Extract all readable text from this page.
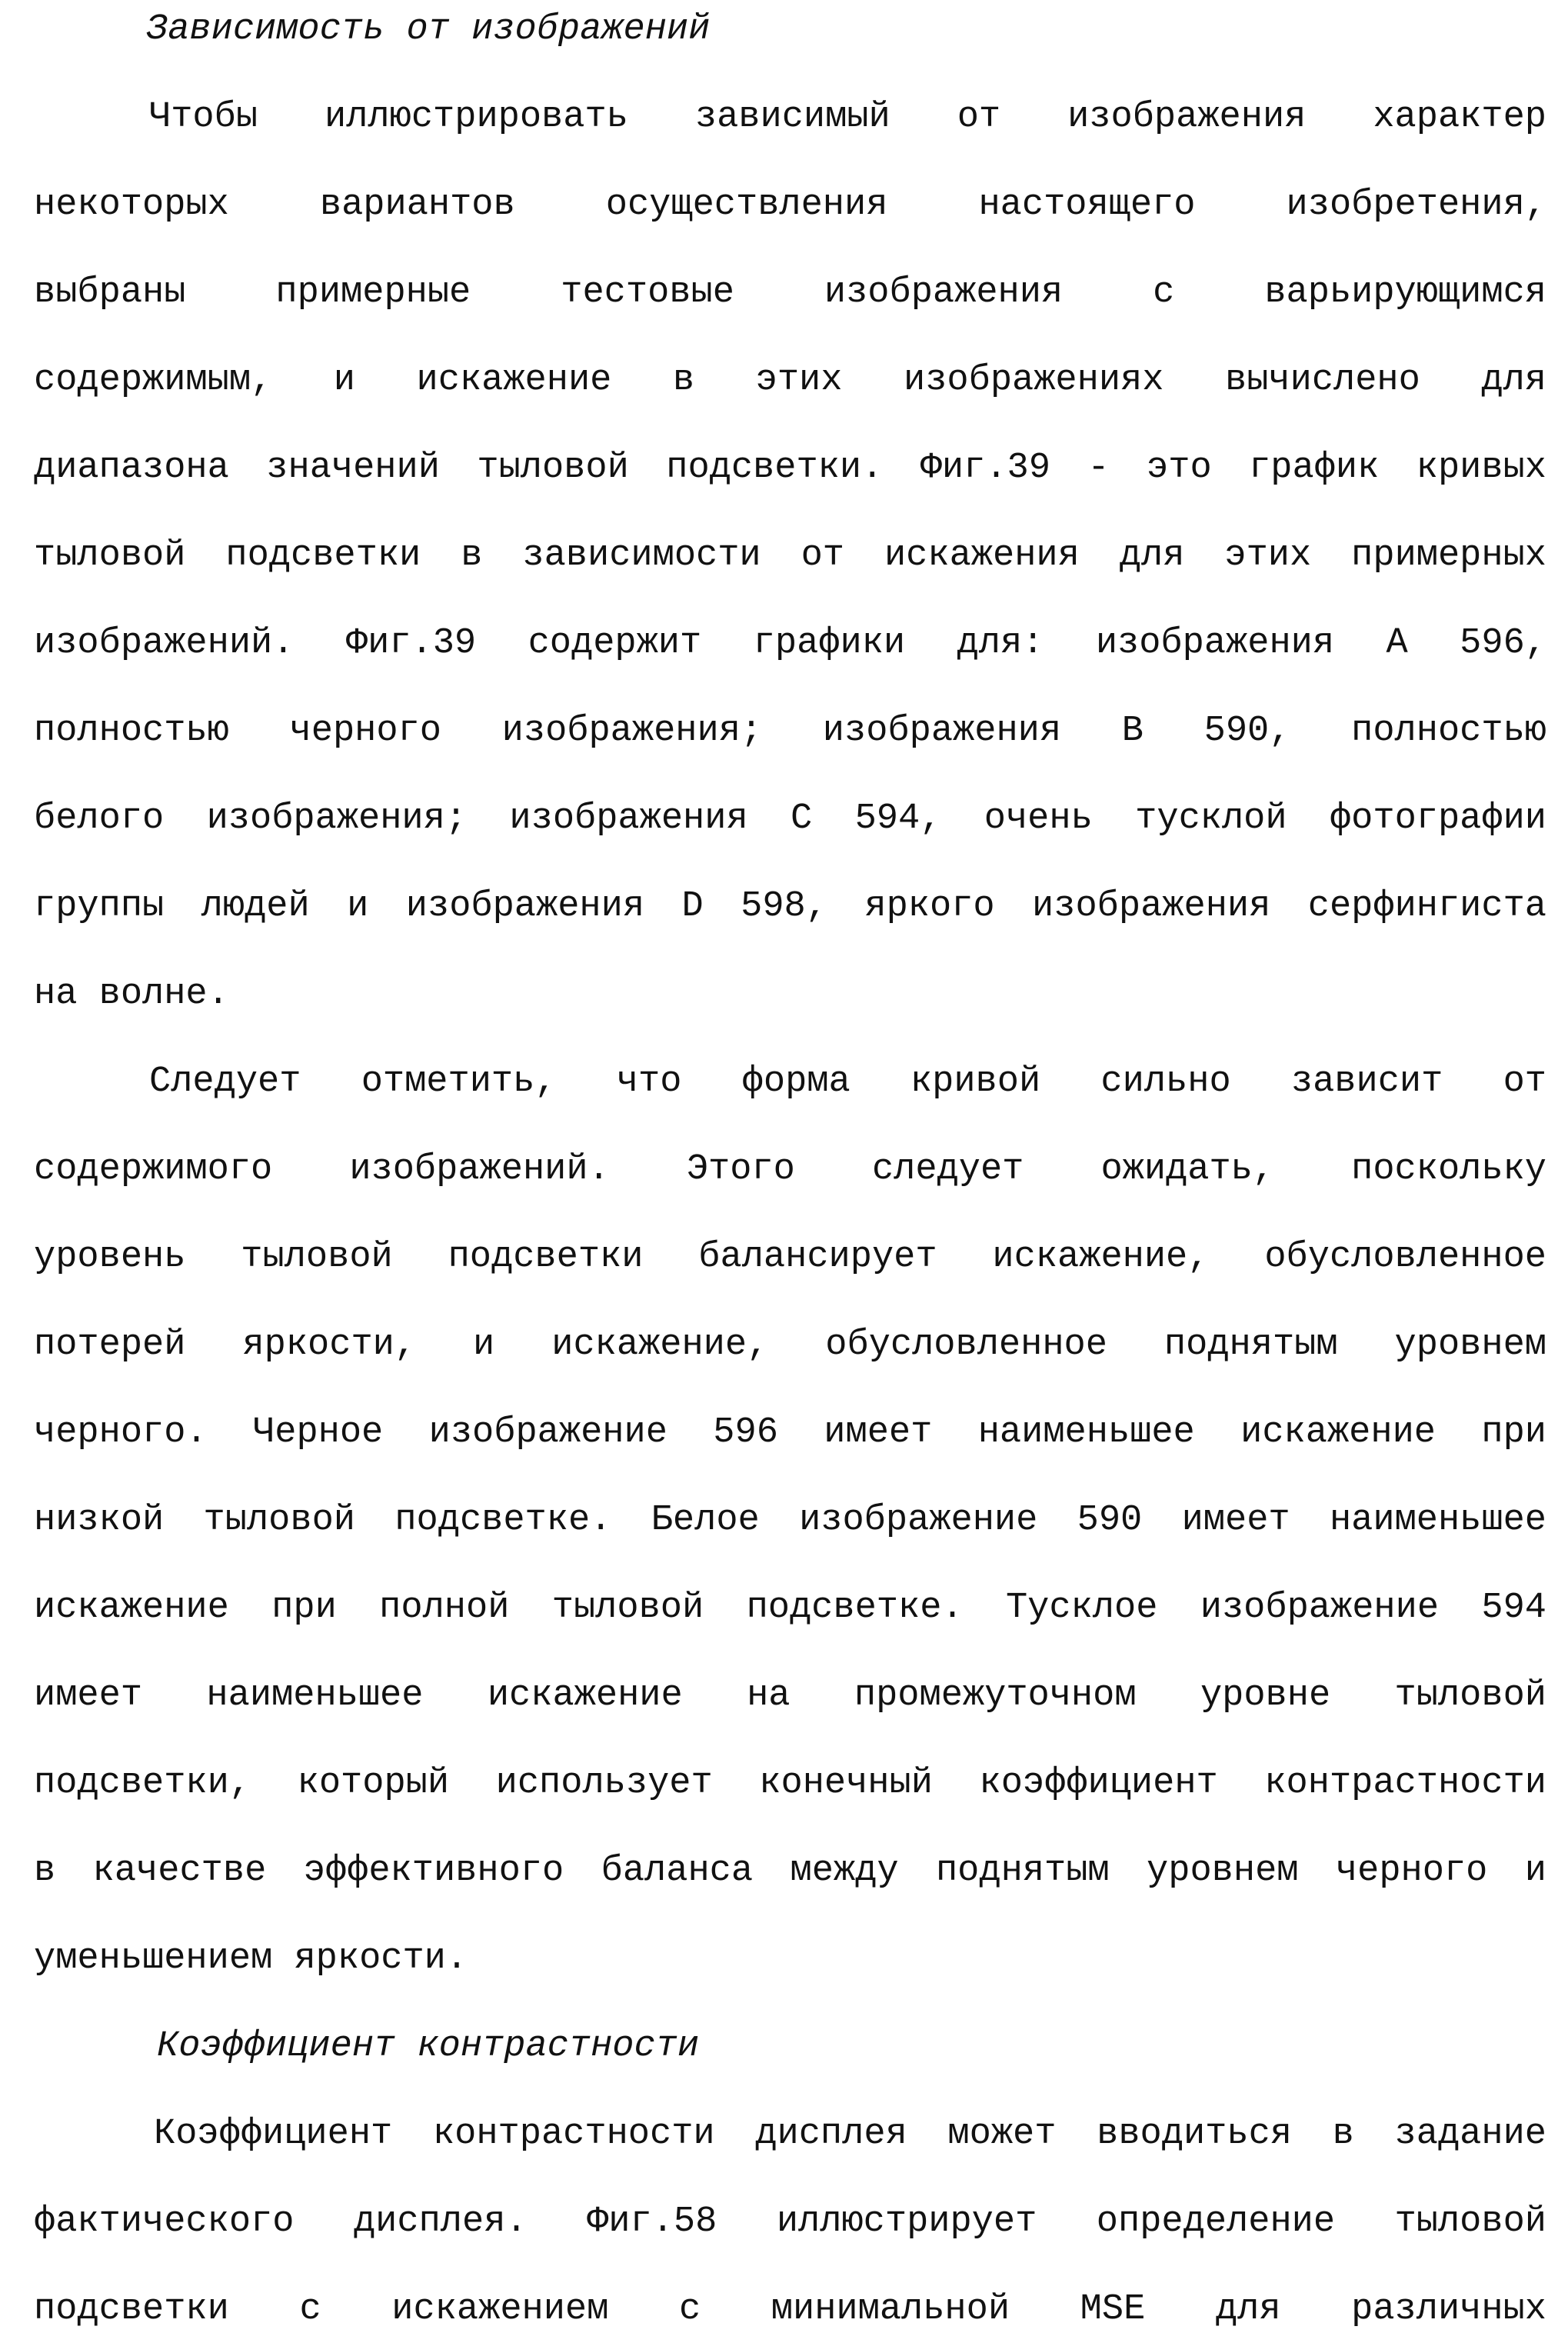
Зависимость от изображений
Чтобы иллюстрировать зависимый от изображения характер
некоторых вариантов осуществления настоящего изобретения,
выбраны примерные тестовые изображения с варьирующимся
содержимым, и искажение в этих изображениях вычислено для
диапазона значений тыловой подсветки. Фиг.39 - это график кривых
тыловой подсветки в зависимости от искажения для этих примерных
изображений. Фиг.39 содержит графики для: изображения А 596,
полностью черного изображения; изображения В 590, полностью
белого изображения; изображения С 594, очень тусклой фотографии
группы людей и изображения D 598, яркого изображения серфингиста
на волне.
Следует отметить, что форма кривой сильно зависит от
содержимого изображений. Этого следует ожидать, поскольку
уровень тыловой подсветки балансирует искажение, обусловленное
потерей яркости, и искажение, обусловленное поднятым уровнем
черного. Черное изображение 596 имеет наименьшее искажение при
низкой тыловой подсветке. Белое изображение 590 имеет наименьшее
искажение при полной тыловой подсветке. Тусклое изображение 594
имеет наименьшее искажение на промежуточном уровне тыловой
подсветки, который использует конечный коэффициент контрастности
в качестве эффективного баланса между поднятым уровнем черного и
уменьшением яркости.
Коэффициент контрастности
Коэффициент контрастности дисплея может вводиться в задание
фактического дисплея. Фиг.58 иллюстрирует определение тыловой
подсветки с искажением с минимальной MSE для различных
